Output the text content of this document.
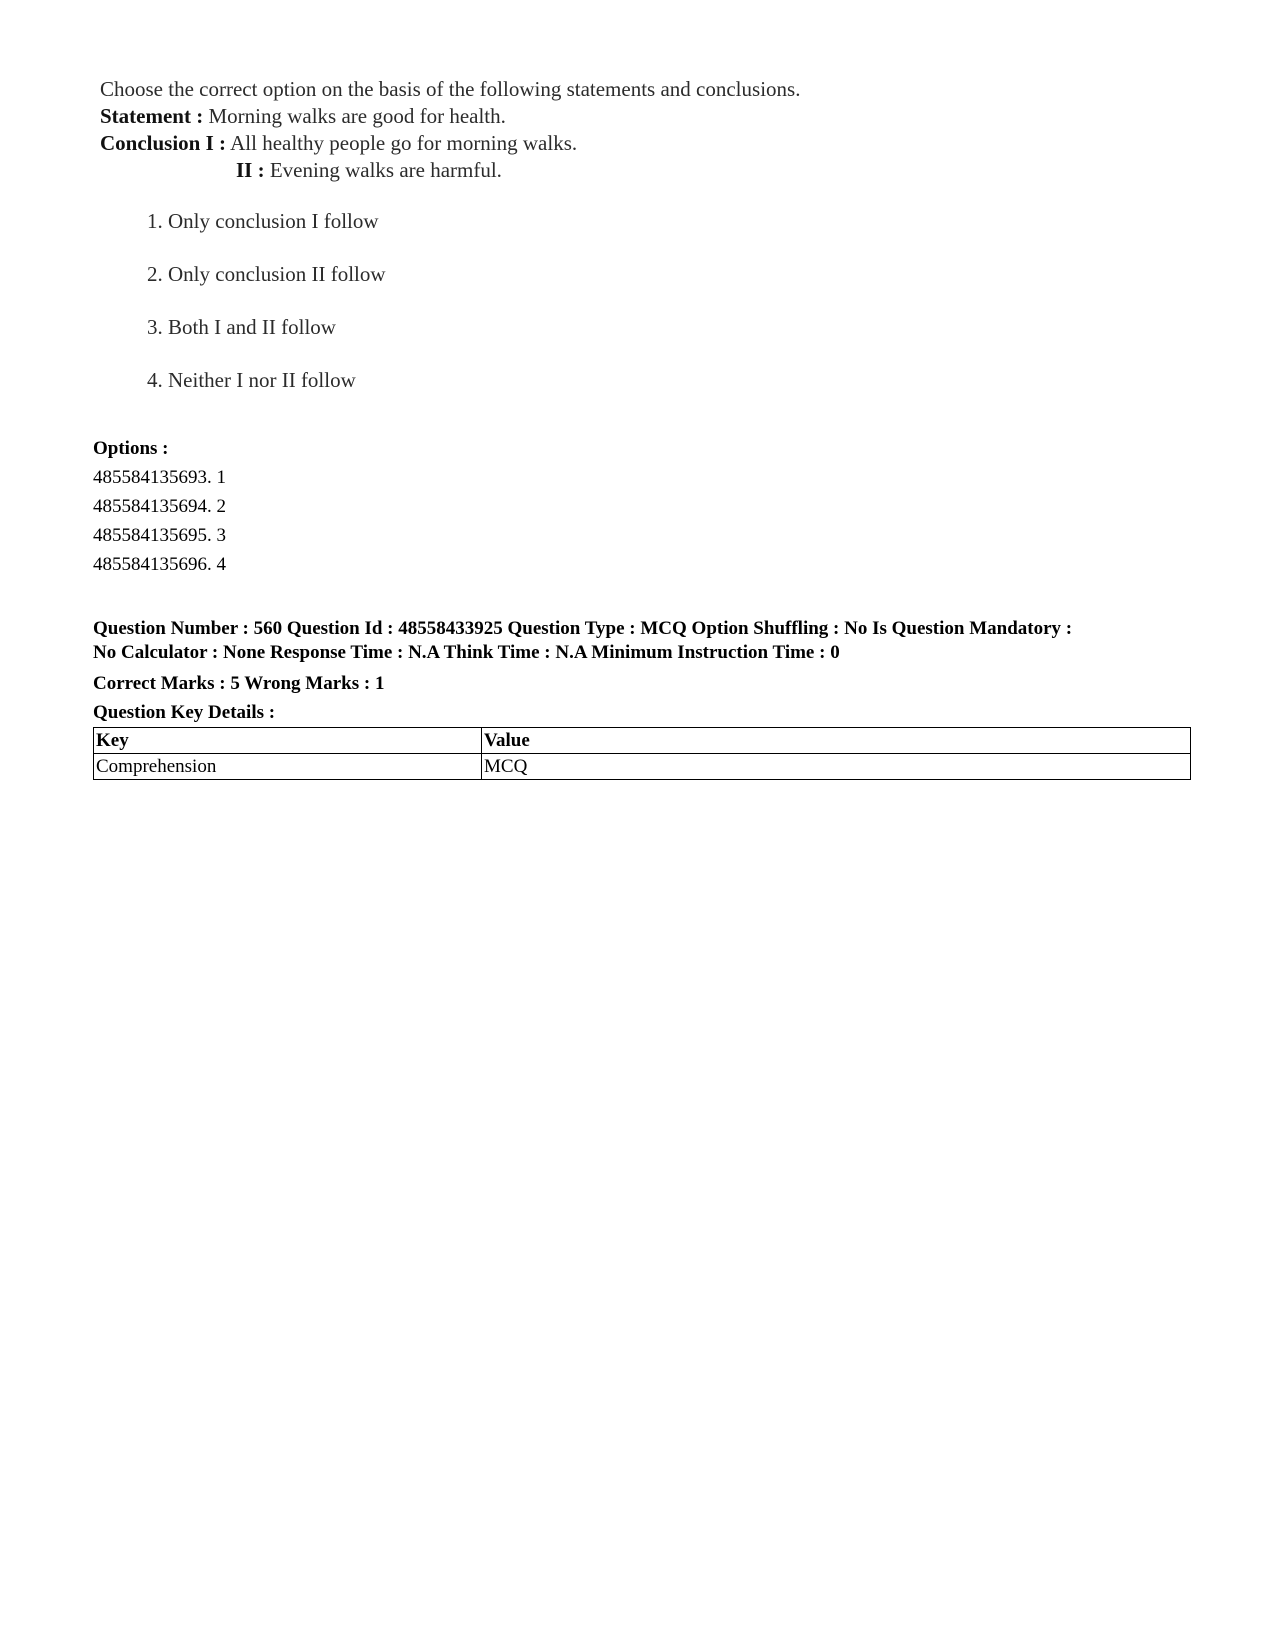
Choose the correct option on the basis of the following statements and conclusions.
Statement : Morning walks are good for health.
Conclusion I : All healthy people go for morning walks.
II : Evening walks are harmful.
1. Only conclusion I follow
2. Only conclusion II follow
3. Both I and II follow
4. Neither I nor II follow
Options :
485584135693. 1
485584135694. 2
485584135695. 3
485584135696. 4
Question Number : 560 Question Id : 48558433925 Question Type : MCQ Option Shuffling : No Is Question Mandatory :
No Calculator : None Response Time : N.A Think Time : N.A Minimum Instruction Time : 0
Correct Marks : 5 Wrong Marks : 1
Question Key Details :
Key	Value
Comprehension	MCQ
